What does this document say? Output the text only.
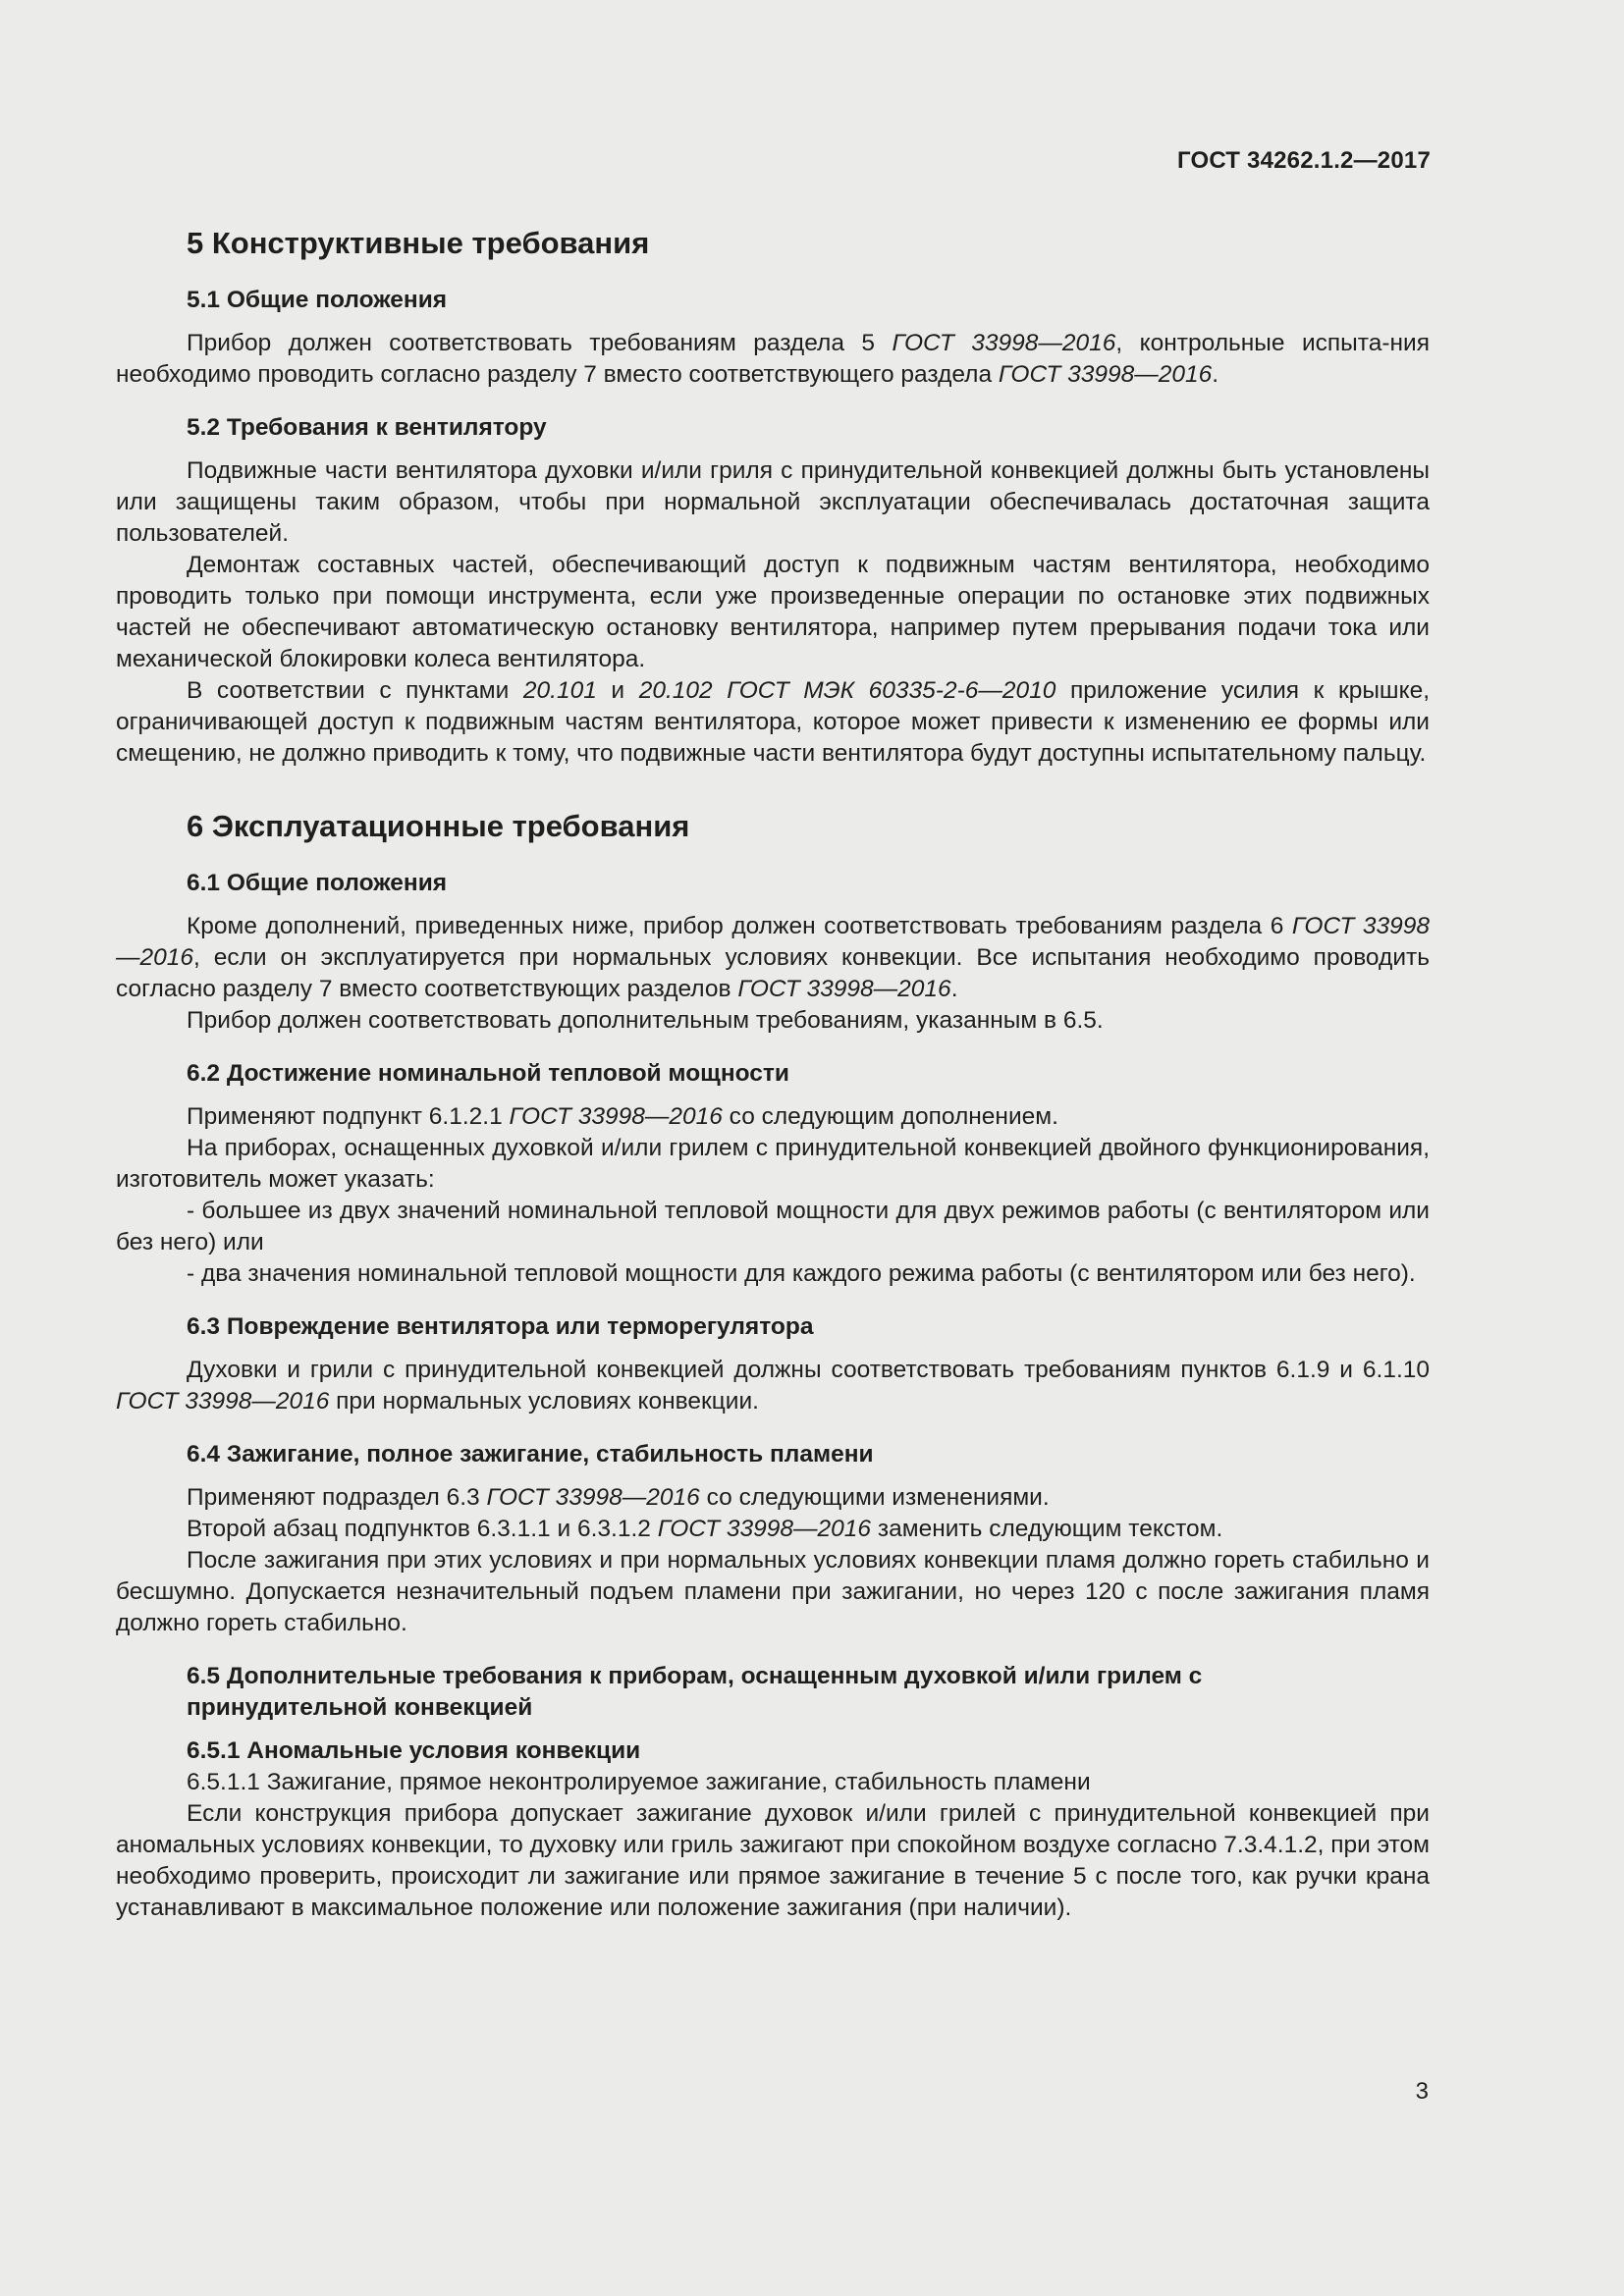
ГОСТ 34262.1.2—2017
5 Конструктивные требования
5.1 Общие положения

Прибор должен соответствовать требованиям раздела 5 ГОСТ 33998—2016, контрольные испыта-ния необходимо проводить согласно разделу 7 вместо соответствующего раздела ГОСТ 33998—2016.

5.2 Требования к вентилятору

Подвижные части вентилятора духовки и/или гриля с принудительной конвекцией должны быть установлены или защищены таким образом, чтобы при нормальной эксплуатации обеспечивалась достаточная защита пользователей.

Демонтаж составных частей, обеспечивающий доступ к подвижным частям вентилятора, необходимо проводить только при помощи инструмента, если уже произведенные операции по остановке этих подвижных частей не обеспечивают автоматическую остановку вентилятора, например путем прерывания подачи тока или механической блокировки колеса вентилятора.

В соответствии с пунктами 20.101 и 20.102 ГОСТ МЭК 60335-2-6—2010 приложение усилия к крышке, ограничивающей доступ к подвижным частям вентилятора, которое может привести к изменению ее формы или смещению, не должно приводить к тому, что подвижные части вентилятора будут доступны испытательному пальцу.

6 Эксплуатационные требования
6.1 Общие положения

Кроме дополнений, приведенных ниже, прибор должен соответствовать требованиям раздела 6 ГОСТ 33998—2016, если он эксплуатируется при нормальных условиях конвекции. Все испытания необходимо проводить согласно разделу 7 вместо соответствующих разделов ГОСТ 33998—2016.

Прибор должен соответствовать дополнительным требованиям, указанным в 6.5.

6.2 Достижение номинальной тепловой мощности

Применяют подпункт 6.1.2.1 ГОСТ 33998—2016 со следующим дополнением.

На приборах, оснащенных духовкой и/или грилем с принудительной конвекцией двойного функционирования, изготовитель может указать:

- большее из двух значений номинальной тепловой мощности для двух режимов работы (с вентилятором или без него) или

- два значения номинальной тепловой мощности для каждого режима работы (с вентилятором или без него).

6.3 Повреждение вентилятора или терморегулятора

Духовки и грили с принудительной конвекцией должны соответствовать требованиям пунктов 6.1.9 и 6.1.10 ГОСТ 33998—2016 при нормальных условиях конвекции.

6.4 Зажигание, полное зажигание, стабильность пламени

Применяют подраздел 6.3 ГОСТ 33998—2016 со следующими изменениями.

Второй абзац подпунктов 6.3.1.1 и 6.3.1.2 ГОСТ 33998—2016 заменить следующим текстом.

После зажигания при этих условиях и при нормальных условиях конвекции пламя должно гореть стабильно и бесшумно. Допускается незначительный подъем пламени при зажигании, но через 120 с после зажигания пламя должно гореть стабильно.

6.5 Дополнительные требования к приборам, оснащенным духовкой и/или грилем с принудительной конвекцией
6.5.1 Аномальные условия конвекции

6.5.1.1 Зажигание, прямое неконтролируемое зажигание, стабильность пламени

Если конструкция прибора допускает зажигание духовок и/или грилей с принудительной конвекцией при аномальных условиях конвекции, то духовку или гриль зажигают при спокойном воздухе согласно 7.3.4.1.2, при этом необходимо проверить, происходит ли зажигание или прямое зажигание в течение 5 с после того, как ручки крана устанавливают в максимальное положение или положение зажигания (при наличии).

3
